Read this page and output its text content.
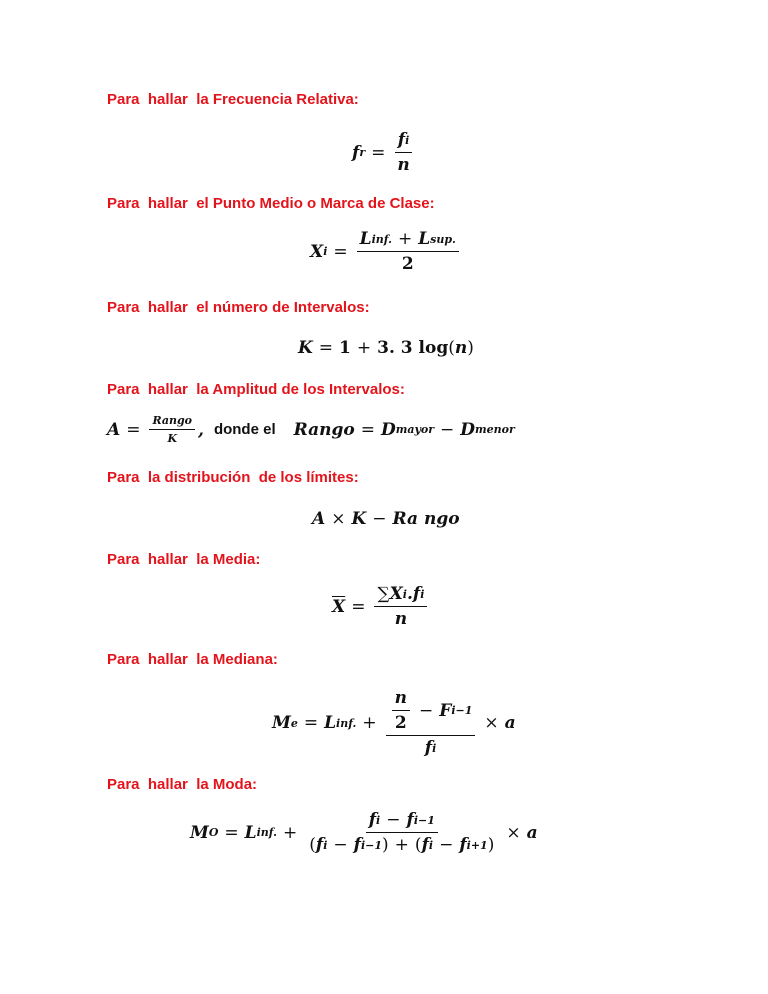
Para  hallar  la Frecuencia Relativa:
f $r = \frac{\text{f i}}{n}$
Para  hallar  el Punto Medio o Marca de Clase:
X $i = \frac{\text{L inf. + L sup.}}{2}$
Para  hallar  el número de Intervalos:
K = 1 + 3. 3
log ( n )
Para  hallar  la Amplitud de los Intervalos:
$A = \frac{\text{Rango}}{K}$ , donde el Rango = D mayor − D menor
Para  la distribución  de los límites:
A × K − Ra
ngo
Para  hallar  la Media:
$\overline{X} = \frac{\text{∑ X i . f i}}{n}$
Para  hallar  la Mediana:
M e = L inf. + $\frac{\frac{n}{2} - F i-1}{\text{f i}} \times a$
Para  hallar  la Moda:
M O = L inf. + $\frac{\text{f i − f i−1}}{\text{( f i − f i−1 ) + ( f i − f i+1 )}} \times a$
